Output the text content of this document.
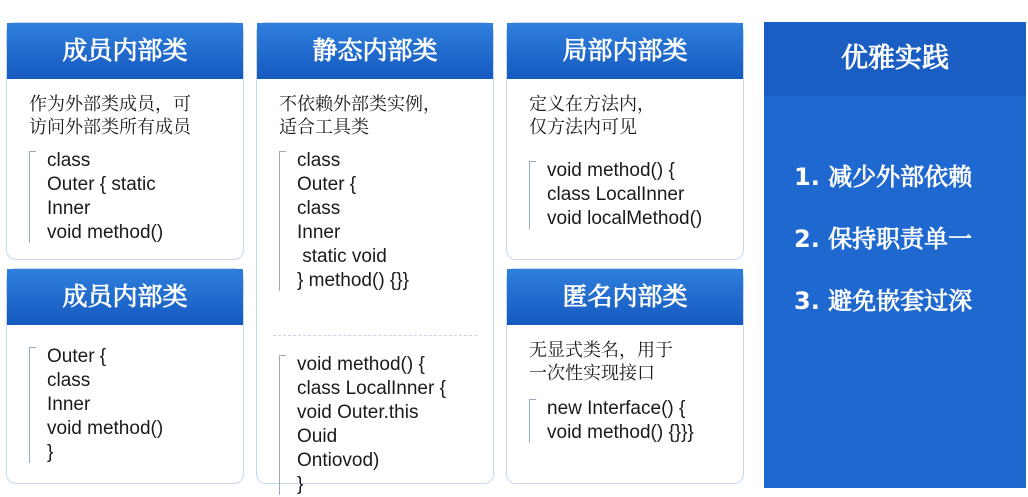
成员内部类
作为外部类成员，可
访问外部类所有成员
class
Outer { static
Inner
void method()
成员内部类
Outer {
class
Inner
void method()
}
静态内部类
不依赖外部类实例，
适合工具类
class
Outer {
class
Inner
static void
} method() {}}
void method() {
class LocalInner {
void Outer.this
Ouid
Ontiovod)
}
局部内部类
定义在方法内，
仅方法内可见
void method() {
class LocalInner
void localMethod()
匿名内部类
无显式类名，用于
一次性实现接口
new Interface() {
void method() {}}}
优雅实践
1. 减少外部依赖
2. 保持职责单一
3. 避免嵌套过深
